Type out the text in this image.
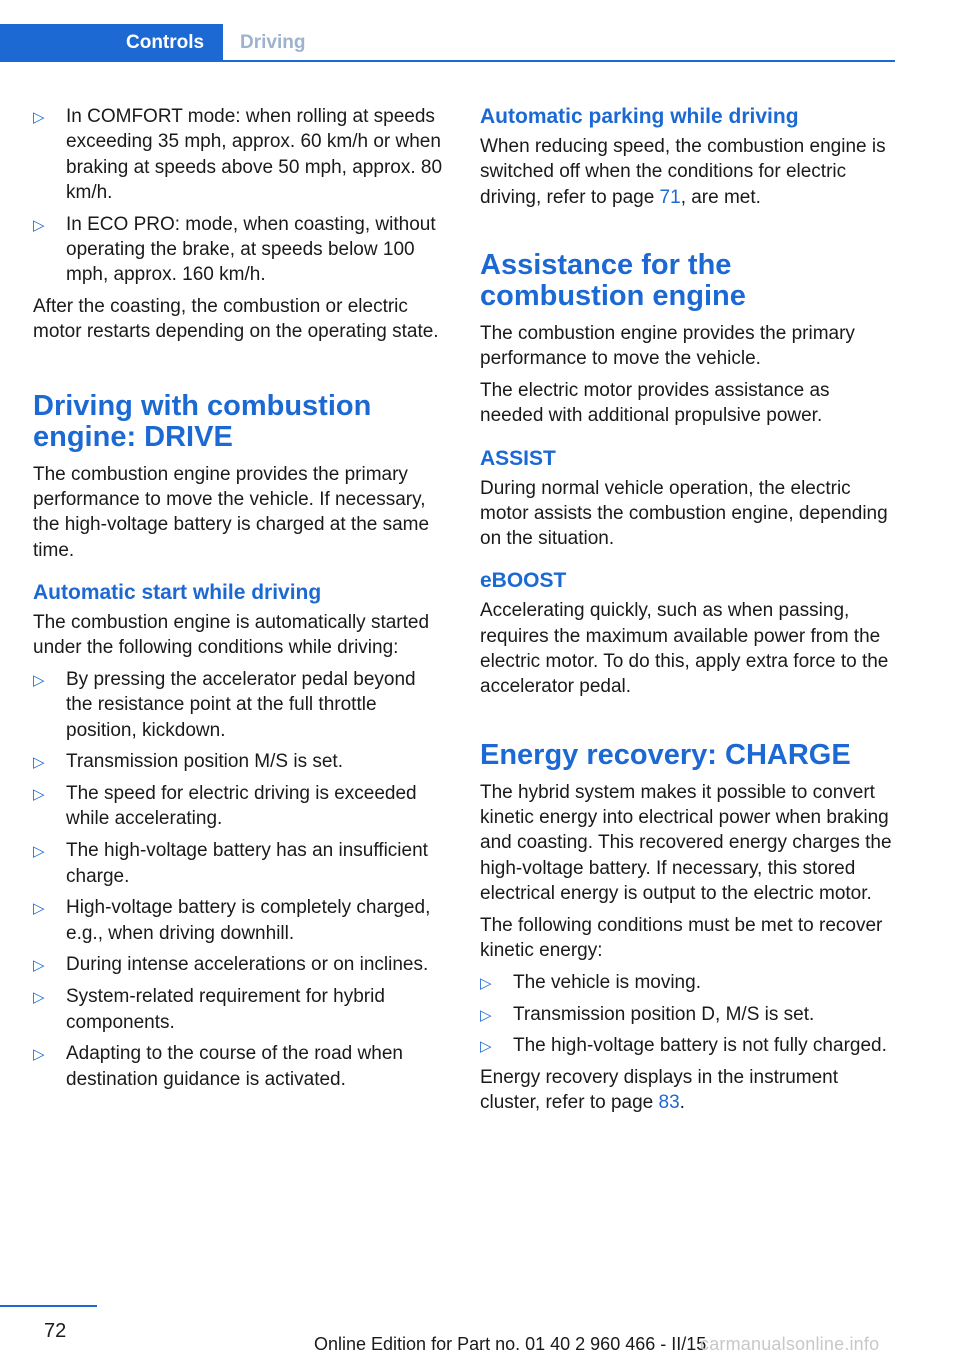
Controls Driving
▷ In COMFORT mode: when rolling at speeds exceeding 35 mph, approx. 60 km/h or when braking at speeds above 50 mph, approx. 80 km/h.
▷ In ECO PRO: mode, when coasting, without operating the brake, at speeds below 100 mph, approx. 160 km/h.

After the coasting, the combustion or electric motor restarts depending on the operating state.

Driving with combustion engine: DRIVE

The combustion engine provides the primary performance to move the vehicle. If necessary, the high-voltage battery is charged at the same time.

Automatic start while driving

The combustion engine is automatically started under the following conditions while driving:

▷ By pressing the accelerator pedal beyond the resistance point at the full throttle position, kickdown.
▷ Transmission position M/S is set.
▷ The speed for electric driving is exceeded while accelerating.
▷ The high-voltage battery has an insufficient charge.
▷ High-voltage battery is completely charged, e.g., when driving downhill.
▷ During intense accelerations or on inclines.
▷ System-related requirement for hybrid components.
▷ Adapting to the course of the road when destination guidance is activated.
Automatic parking while driving

When reducing speed, the combustion engine is switched off when the conditions for electric driving, refer to page 71, are met.

Assistance for the combustion engine

The combustion engine provides the primary performance to move the vehicle.

The electric motor provides assistance as needed with additional propulsive power.

ASSIST

During normal vehicle operation, the electric motor assists the combustion engine, depending on the situation.

eBOOST

Accelerating quickly, such as when passing, requires the maximum available power from the electric motor. To do this, apply extra force to the accelerator pedal.

Energy recovery: CHARGE

The hybrid system makes it possible to convert kinetic energy into electrical power when braking and coasting. This recovered energy charges the high-voltage battery. If necessary, this stored electrical energy is output to the electric motor.

The following conditions must be met to recover kinetic energy:

▷ The vehicle is moving.
▷ Transmission position D, M/S is set.
▷ The high-voltage battery is not fully charged.

Energy recovery displays in the instrument cluster, refer to page 83.

72
Online Edition for Part no. 01 40 2 960 466 - II/15
carmanualsonline.info
